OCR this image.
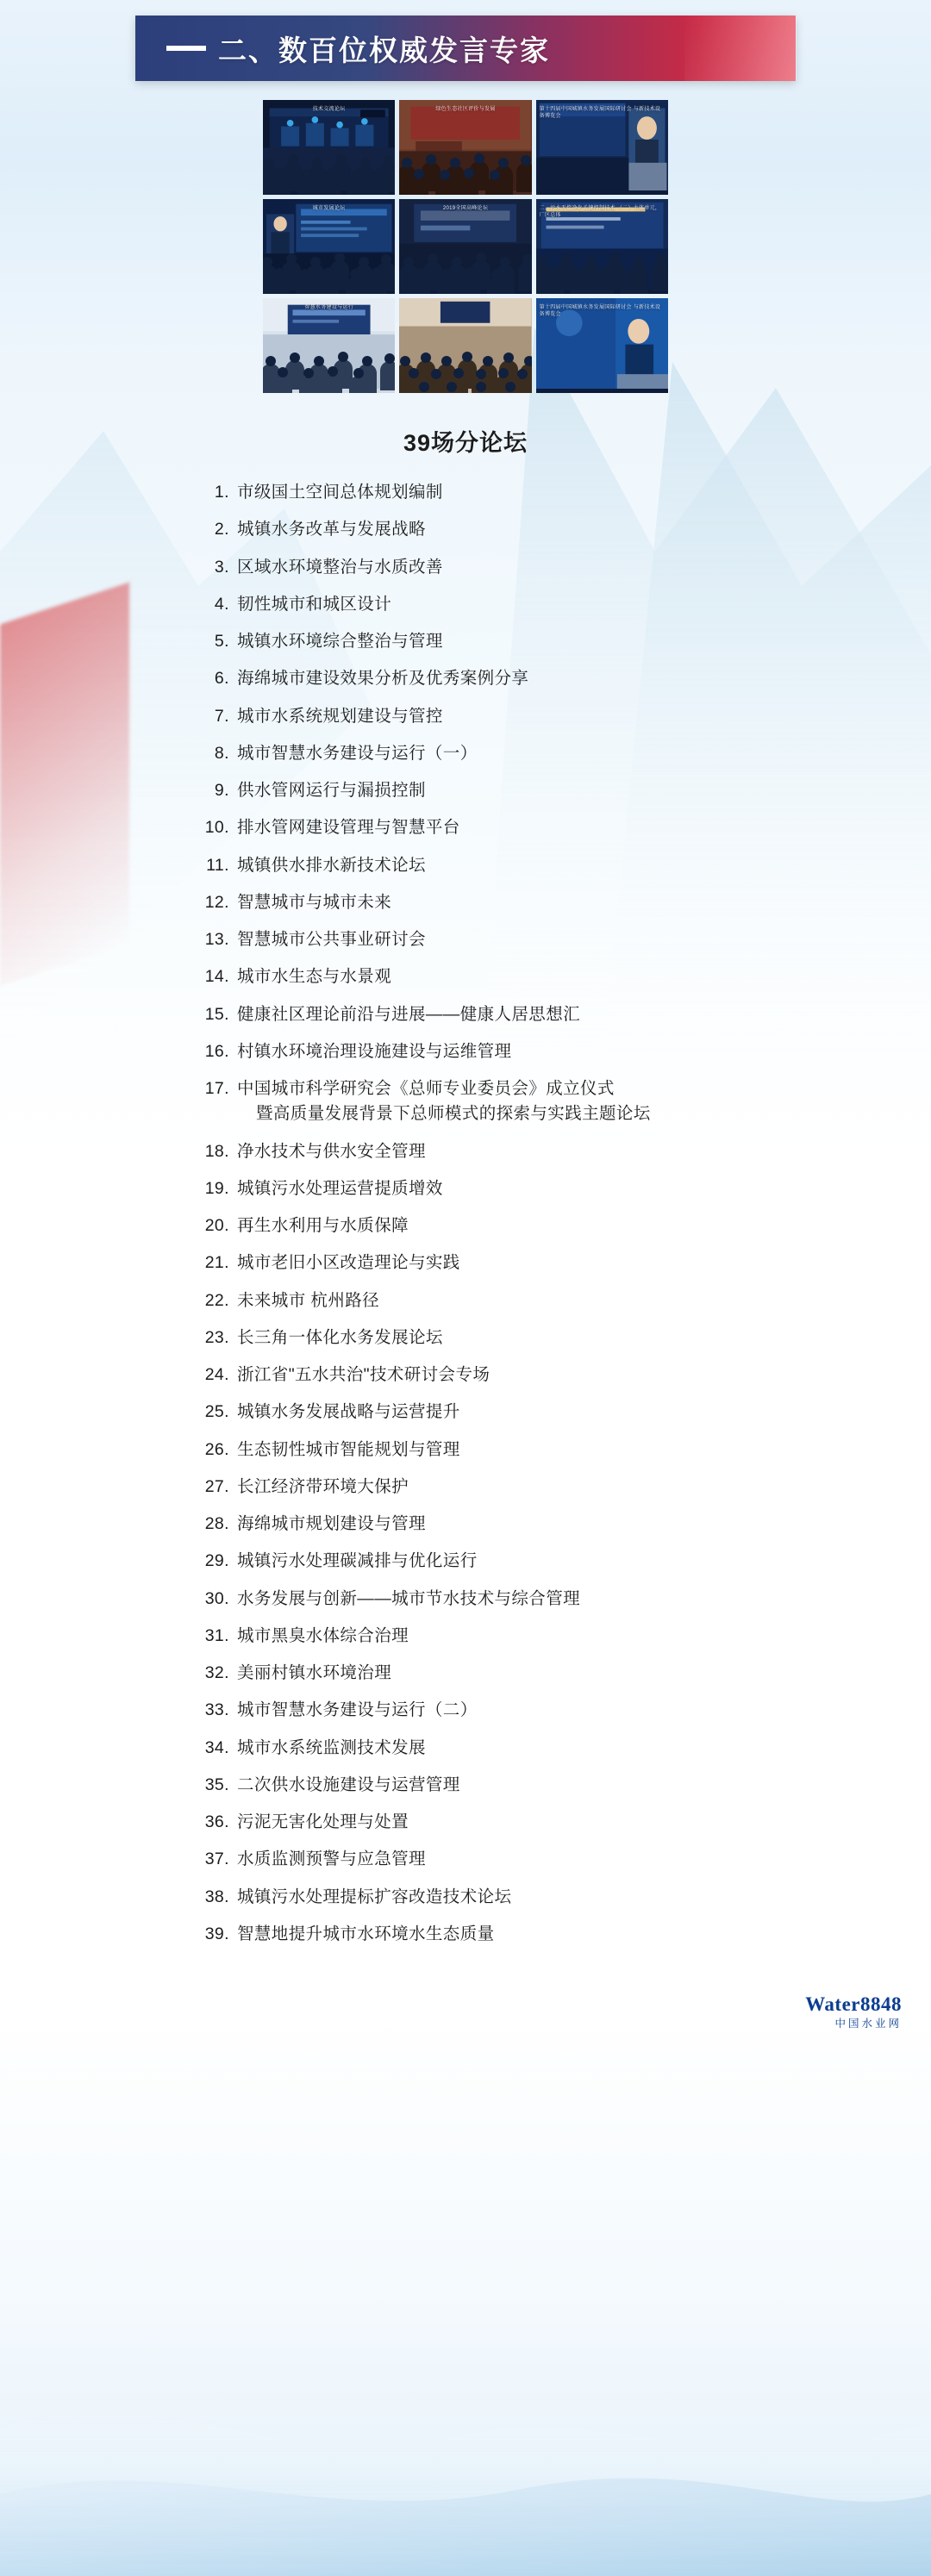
二、数百位权威发言专家
技术交流论坛	绿色生态社区评价与发展	第十四届中国城镇水务发展国际研讨会 与新技术设备博览会
城市发展论坛	2019全国高峰论坛	二、污水无偿净化关键控制技术 （二）主体单元，厂区总体
智慧水务建设与运行	第十四届中国城镇水务发展国际研讨会 与新技术设备博览会
39场分论坛
1. 市级国土空间总体规划编制
2. 城镇水务改革与发展战略
3. 区域水环境整治与水质改善
4. 韧性城市和城区设计
5. 城镇水环境综合整治与管理
6. 海绵城市建设效果分析及优秀案例分享
7. 城市水系统规划建设与管控
8. 城市智慧水务建设与运行（一）
9. 供水管网运行与漏损控制
10. 排水管网建设管理与智慧平台
11. 城镇供水排水新技术论坛
12. 智慧城市与城市未来
13. 智慧城市公共事业研讨会
14. 城市水生态与水景观
15. 健康社区理论前沿与进展——健康人居思想汇
16. 村镇水环境治理设施建设与运维管理
17. 中国城市科学研究会《总师专业委员会》成立仪式
暨高质量发展背景下总师模式的探索与实践主题论坛
18. 净水技术与供水安全管理
19. 城镇污水处理运营提质增效
20. 再生水利用与水质保障
21. 城市老旧小区改造理论与实践
22. 未来城市 杭州路径
23. 长三角一体化水务发展论坛
24. 浙江省"五水共治"技术研讨会专场
25. 城镇水务发展战略与运营提升
26. 生态韧性城市智能规划与管理
27. 长江经济带环境大保护
28. 海绵城市规划建设与管理
29. 城镇污水处理碳减排与优化运行
30. 水务发展与创新——城市节水技术与综合管理
31. 城市黑臭水体综合治理
32. 美丽村镇水环境治理
33. 城市智慧水务建设与运行（二）
34. 城市水系统监测技术发展
35. 二次供水设施建设与运营管理
36. 污泥无害化处理与处置
37. 水质监测预警与应急管理
38. 城镇污水处理提标扩容改造技术论坛
39. 智慧地提升城市水环境水生态质量
Water8848
中国水业网
